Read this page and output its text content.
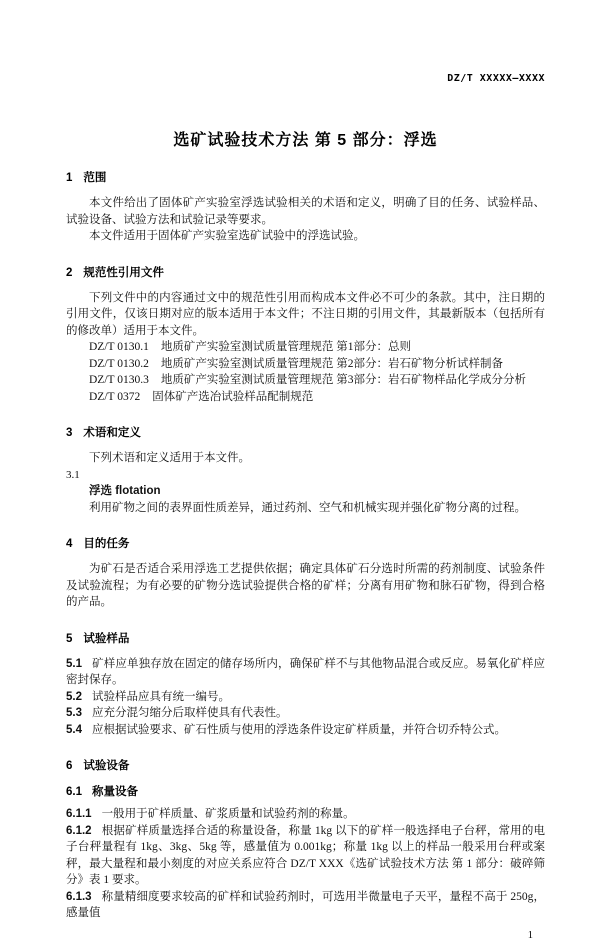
DZ/T XXXXX—XXXX
选矿试验技术方法 第 5 部分：浮选
1 范围

本文件给出了固体矿产实验室浮选试验相关的术语和定义，明确了目的任务、试验样品、试验设备、试验方法和试验记录等要求。

本文件适用于固体矿产实验室选矿试验中的浮选试验。

2 规范性引用文件

下列文件中的内容通过文中的规范性引用而构成本文件必不可少的条款。其中，注日期的引用文件，仅该日期对应的版本适用于本文件；不注日期的引用文件，其最新版本（包括所有的修改单）适用于本文件。

DZ/T 0130.1 地质矿产实验室测试质量管理规范 第1部分：总则
DZ/T 0130.2 地质矿产实验室测试质量管理规范 第2部分：岩石矿物分析试样制备
DZ/T 0130.3 地质矿产实验室测试质量管理规范 第3部分：岩石矿物样品化学成分分析
DZ/T 0372 固体矿产选冶试验样品配制规范
3 术语和定义

下列术语和定义适用于本文件。

3.1
浮选 flotation

利用矿物之间的表界面性质差异，通过药剂、空气和机械实现并强化矿物分离的过程。

4 目的任务

为矿石是否适合采用浮选工艺提供依据；确定具体矿石分选时所需的药剂制度、试验条件及试验流程；为有必要的矿物分选试验提供合格的矿样；分离有用矿物和脉石矿物，得到合格的产品。

5 试验样品

5.1 矿样应单独存放在固定的储存场所内，确保矿样不与其他物品混合或反应。易氧化矿样应密封保存。

5.2 试验样品应具有统一编号。

5.3 应充分混匀缩分后取样使具有代表性。

5.4 应根据试验要求、矿石性质与使用的浮选条件设定矿样质量，并符合切乔特公式。

6 试验设备
6.1 称量设备

6.1.1 一般用于矿样质量、矿浆质量和试验药剂的称量。

6.1.2 根据矿样质量选择合适的称量设备，称量 1kg 以下的矿样一般选择电子台秤，常用的电子台秤量程有 1kg、3kg、5kg 等，感量值为 0.001kg；称量 1kg 以上的样品一般采用台秤或案秤，最大量程和最小刻度的对应关系应符合 DZ/T XXX《选矿试验技术方法 第 1 部分：破碎筛分》表 1 要求。

6.1.3 称量精细度要求较高的矿样和试验药剂时，可选用半微量电子天平，量程不高于 250g，感量值

1
